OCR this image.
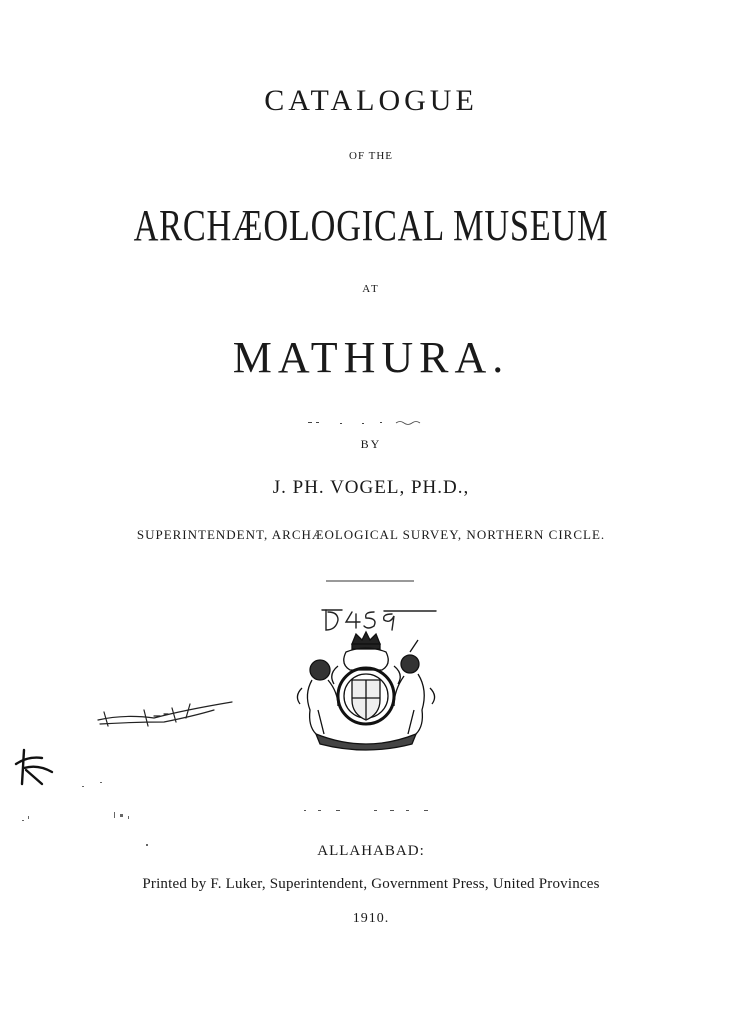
CATALOGUE
OF THE
ARCHÆOLOGICAL MUSEUM
AT
MATHURA.
BY
J. PH. VOGEL, PH.D.,
SUPERINTENDENT, ARCHÆOLOGICAL SURVEY, NORTHERN CIRCLE.
ALLAHABAD:
Printed by F. Luker, Superintendent, Government Press, United Provinces
1910.
